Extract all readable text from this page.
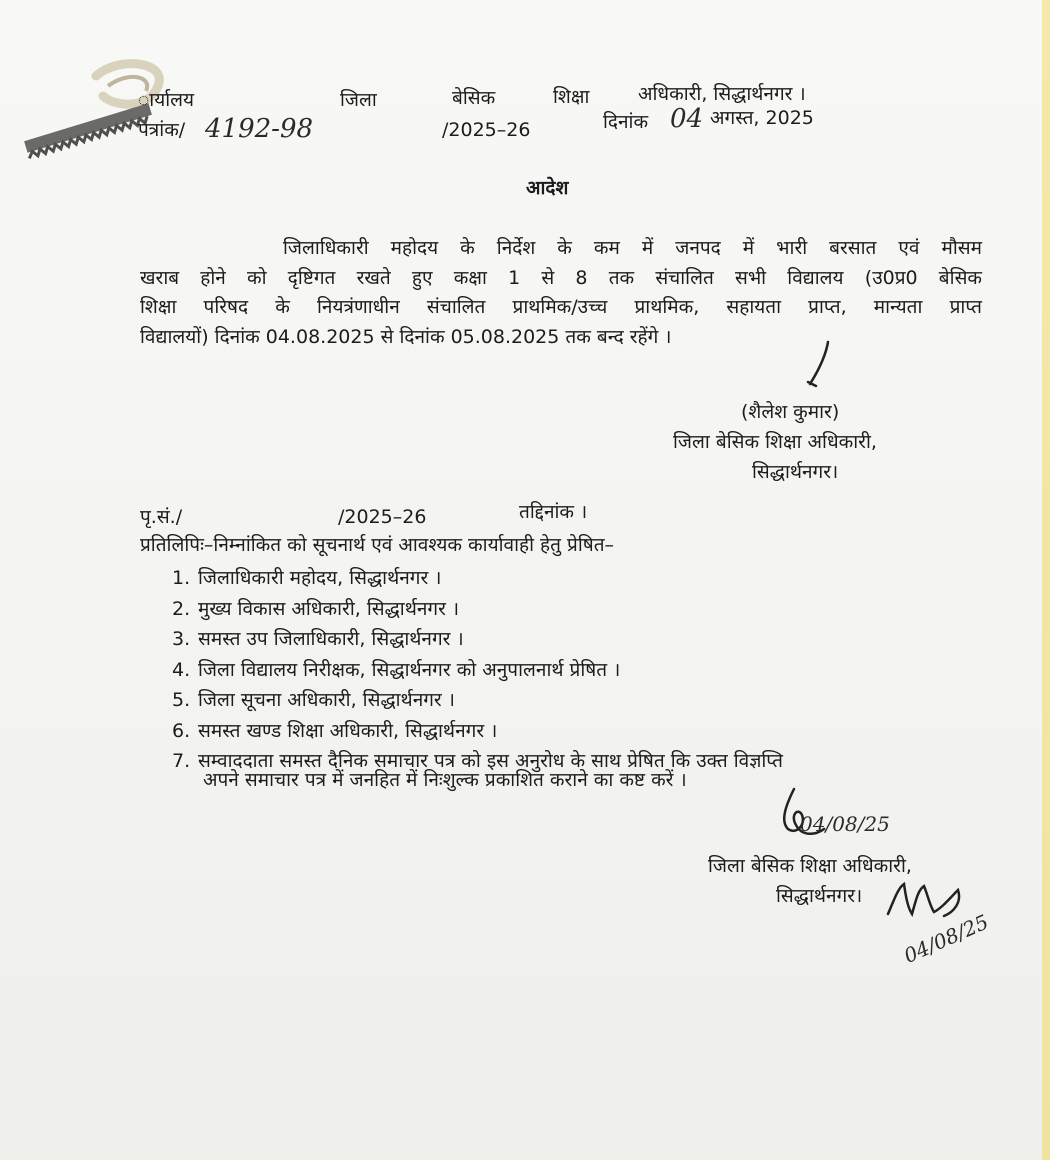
ार्यालय	जिला	बेसिक	शिक्षा	अधिकारी, सिद्धार्थनगर ।
पत्रांक/ 4192-98	/2025–26	दिनांक 04 अगस्त, 2025
आदेश
जिलाधिकारी महोदय के निर्देश के कम में जनपद में भारी बरसात एवं मौसम
खराब होने को दृष्टिगत रखते हुए कक्षा 1 से 8 तक संचालित सभी विद्यालय (उ0प्र0 बेसिक
शिक्षा परिषद के नियत्रंणाधीन संचालित प्राथमिक/उच्च प्राथमिक, सहायता प्राप्त, मान्यता प्राप्त
विद्यालयों) दिनांक 04.08.2025 से दिनांक 05.08.2025 तक बन्द रहेंगे ।
(शैलेश कुमार)
जिला बेसिक शिक्षा अधिकारी,
सिद्धार्थनगर।
पृ.सं./	/2025–26	तद्दिनांक ।
प्रतिलिपिः–निम्नांकित को सूचनार्थ एवं आवश्यक कार्यावाही हेतु प्रेषित–
1. जिलाधिकारी महोदय, सिद्धार्थनगर ।
2. मुख्य विकास अधिकारी, सिद्धार्थनगर ।
3. समस्त उप जिलाधिकारी, सिद्धार्थनगर ।
4. जिला विद्यालय निरीक्षक, सिद्धार्थनगर को अनुपालनार्थ प्रेषित ।
5. जिला सूचना अधिकारी, सिद्धार्थनगर ।
6. समस्त खण्ड शिक्षा अधिकारी, सिद्धार्थनगर ।
7. सम्वाददाता समस्त दैनिक समाचार पत्र को इस अनुरोध के साथ प्रेषित कि उक्त विज्ञप्ति
अपने समाचार पत्र में जनहित में निःशुल्क प्रकाशित कराने का कष्ट करें ।
04/08/25
जिला बेसिक शिक्षा अधिकारी,
सिद्धार्थनगर।
04/08/25
